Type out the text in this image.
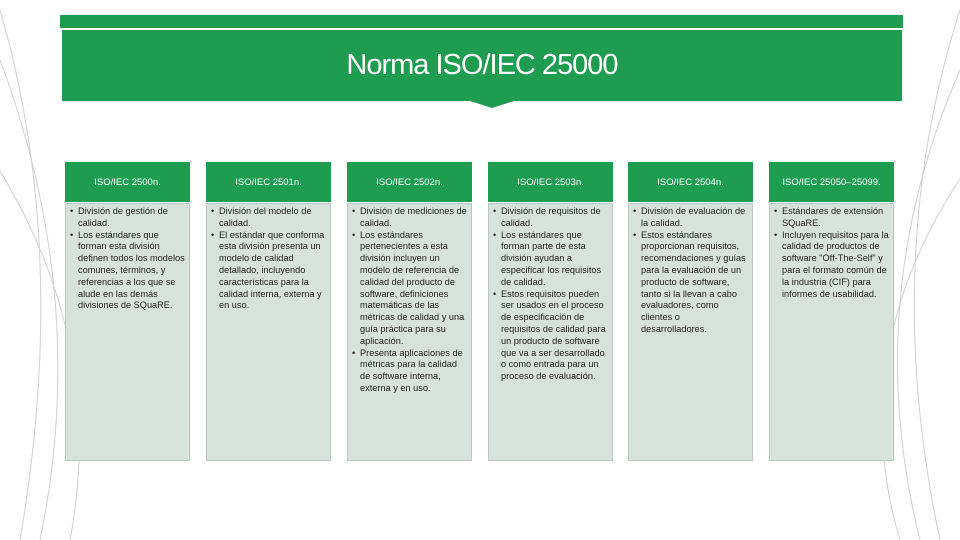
Norma ISO/IEC 25000
ISO/IEC 2500n.
• División de gestión de calidad.
• Los estándares que forman esta división definen todos los modelos comunes, términos, y referencias a los que se alude en las demás divisiones de SQuaRE.
ISO/IEC 2501n.
• División del modelo de calidad.
• El estándar que conforma esta división presenta un modelo de calidad detallado, incluyendo características para la calidad interna, externa y en uso.
ISO/IEC 2502n.
• División de mediciones de calidad.
• Los estándares pertenecientes a esta división incluyen un modelo de referencia de calidad del producto de software, definiciones matemáticas de las métricas de calidad y una guía práctica para su aplicación.
• Presenta aplicaciones de métricas para la calidad de software interna, externa y en uso.
ISO/IEC 2503n.
• División de requisitos de calidad.
• Los estándares que forman parte de esta división ayudan a especificar los requisitos de calidad.
• Estos requisitos pueden ser usados en el proceso de especificación de requisitos de calidad para un producto de software que va a ser desarrollado o como entrada para un proceso de evaluación.
ISO/IEC 2504n.
• División de evaluación de la calidad.
• Estos estándares proporcionan requisitos, recomendaciones y guías para la evaluación de un producto de software, tanto si la llevan a cabo evaluadores, como clientes o desarrolladores.
ISO/IEC 25050–25099.
• Estándares de extensión SQuaRE.
• Incluyen requisitos para la calidad de productos de software "Off-The-Self" y para el formato común de la industria (CIF) para informes de usabilidad.
